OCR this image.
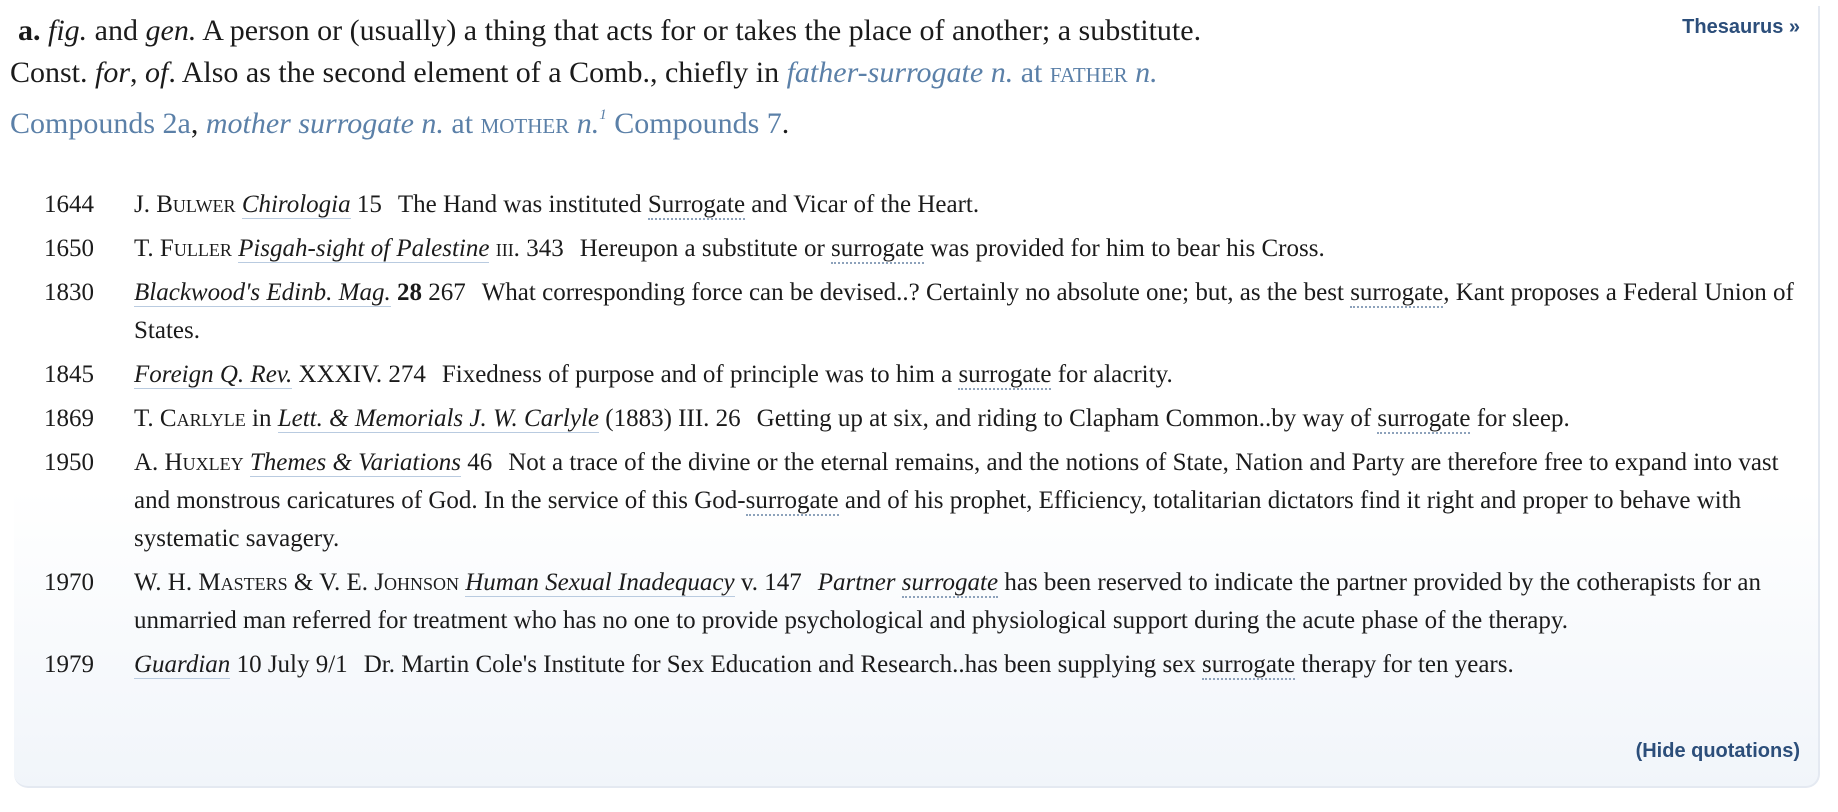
Thesaurus »
a. fig. and gen. A person or (usually) a thing that acts for or takes the place of another; a substitute.
Const. for, of. Also as the second element of a Comb., chiefly in father-surrogate n. at father n.
Compounds 2a, mother surrogate n. at mother n.$^1$ Compounds 7.
1644	J. Bulwer Chirologia 15 The Hand was instituted Surrogate and Vicar of the Heart.
1650	T. Fuller Pisgah-sight of Palestine iii. 343 Hereupon a substitute or surrogate was provided for him to bear his Cross.
1830	Blackwood's Edinb. Mag. 28 267 What corresponding force can be devised..? Certainly no absolute one; but, as the best surrogate, Kant proposes a Federal Union of States.
1845	Foreign Q. Rev. XXXIV. 274 Fixedness of purpose and of principle was to him a surrogate for alacrity.
1869	T. Carlyle in Lett. & Memorials J. W. Carlyle (1883) III. 26 Getting up at six, and riding to Clapham Common..by way of surrogate for sleep.
1950	A. Huxley Themes & Variations 46 Not a trace of the divine or the eternal remains, and the notions of State, Nation and Party are therefore free to expand into vast and monstrous caricatures of God. In the service of this God-surrogate and of his prophet, Efficiency, totalitarian dictators find it right and proper to behave with systematic savagery.
1970	W. H. Masters & V. E. Johnson Human Sexual Inadequacy v. 147 Partner surrogate has been reserved to indicate the partner provided by the cotherapists for an unmarried man referred for treatment who has no one to provide psychological and physiological support during the acute phase of the therapy.
1979	Guardian 10 July 9/1 Dr. Martin Cole's Institute for Sex Education and Research..has been supplying sex surrogate therapy for ten years.
(Hide quotations)
